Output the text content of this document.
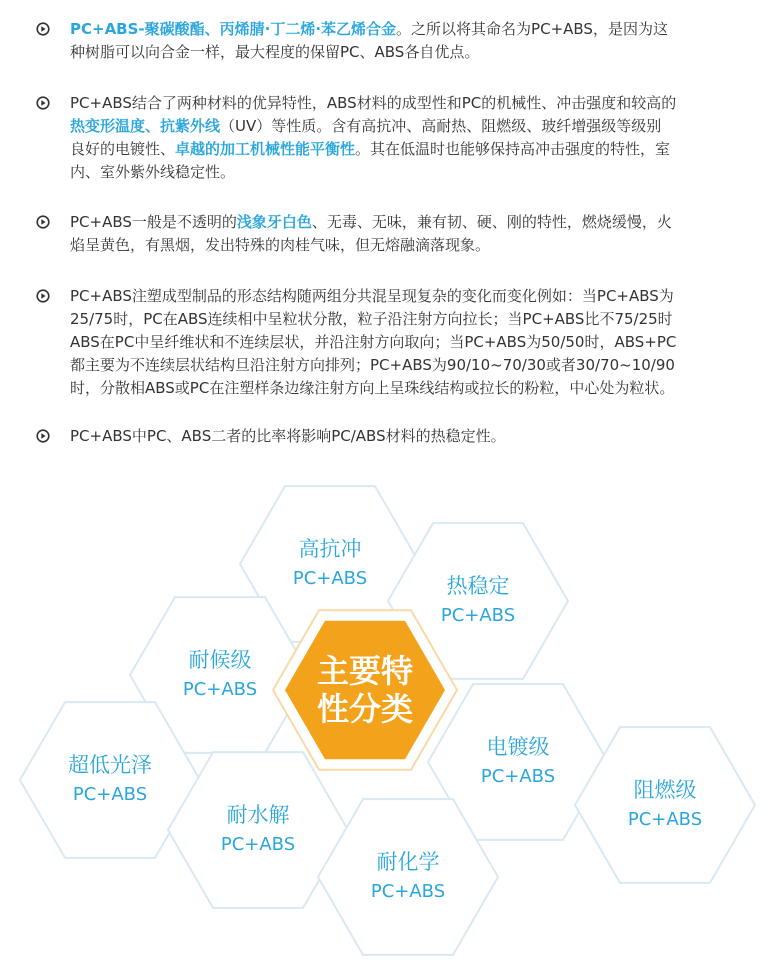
PC+ABS-聚碳酸酯、丙烯腈·丁二烯·苯乙烯合金。之所以将其命名为PC+ABS，是因为这
种树脂可以向合金一样，最大程度的保留PC、ABS各自优点。
PC+ABS结合了两种材料的优异特性，ABS材料的成型性和PC的机械性、冲击强度和较高的
热变形温度、抗紫外线（UV）等性质。含有高抗冲、高耐热、阻燃级、玻纤增强级等级别
良好的电镀性、卓越的加工机械性能平衡性。其在低温时也能够保持高冲击强度的特性，室
内、室外紫外线稳定性。
PC+ABS一般是不透明的浅象牙白色、无毒、无味，兼有韧、硬、刚的特性，燃烧缓慢，火
焰呈黄色，有黑烟，发出特殊的肉桂气味，但无熔融滴落现象。
PC+ABS注塑成型制品的形态结构随两组分共混呈现复杂的变化而变化例如：当PC+ABS为
25/75时，PC在ABS连续相中呈粒状分散，粒子沿注射方向拉长；当PC+ABS比不75/25时
ABS在PC中呈纤维状和不连续层状，并沿注射方向取向；当PC+ABS为50/50时，ABS+PC
都主要为不连续层状结构旦沿注射方向排列；PC+ABS为90/10~70/30或者30/70~10/90
时，分散相ABS或PC在注塑样条边缘注射方向上呈珠线结构或拉长的粉粒，中心处为粒状。
PC+ABS中PC、ABS二者的比率将影响PC/ABS材料的热稳定性。
高抗冲
PC+ABS	热稳定
PC+ABS
耐候级
PC+ABS
电镀级
PC+ABS
超低光泽
PC+ABS	阻燃级
PC+ABS
耐水解
PC+ABS
耐化学
PC+ABS
主要特
性分类
